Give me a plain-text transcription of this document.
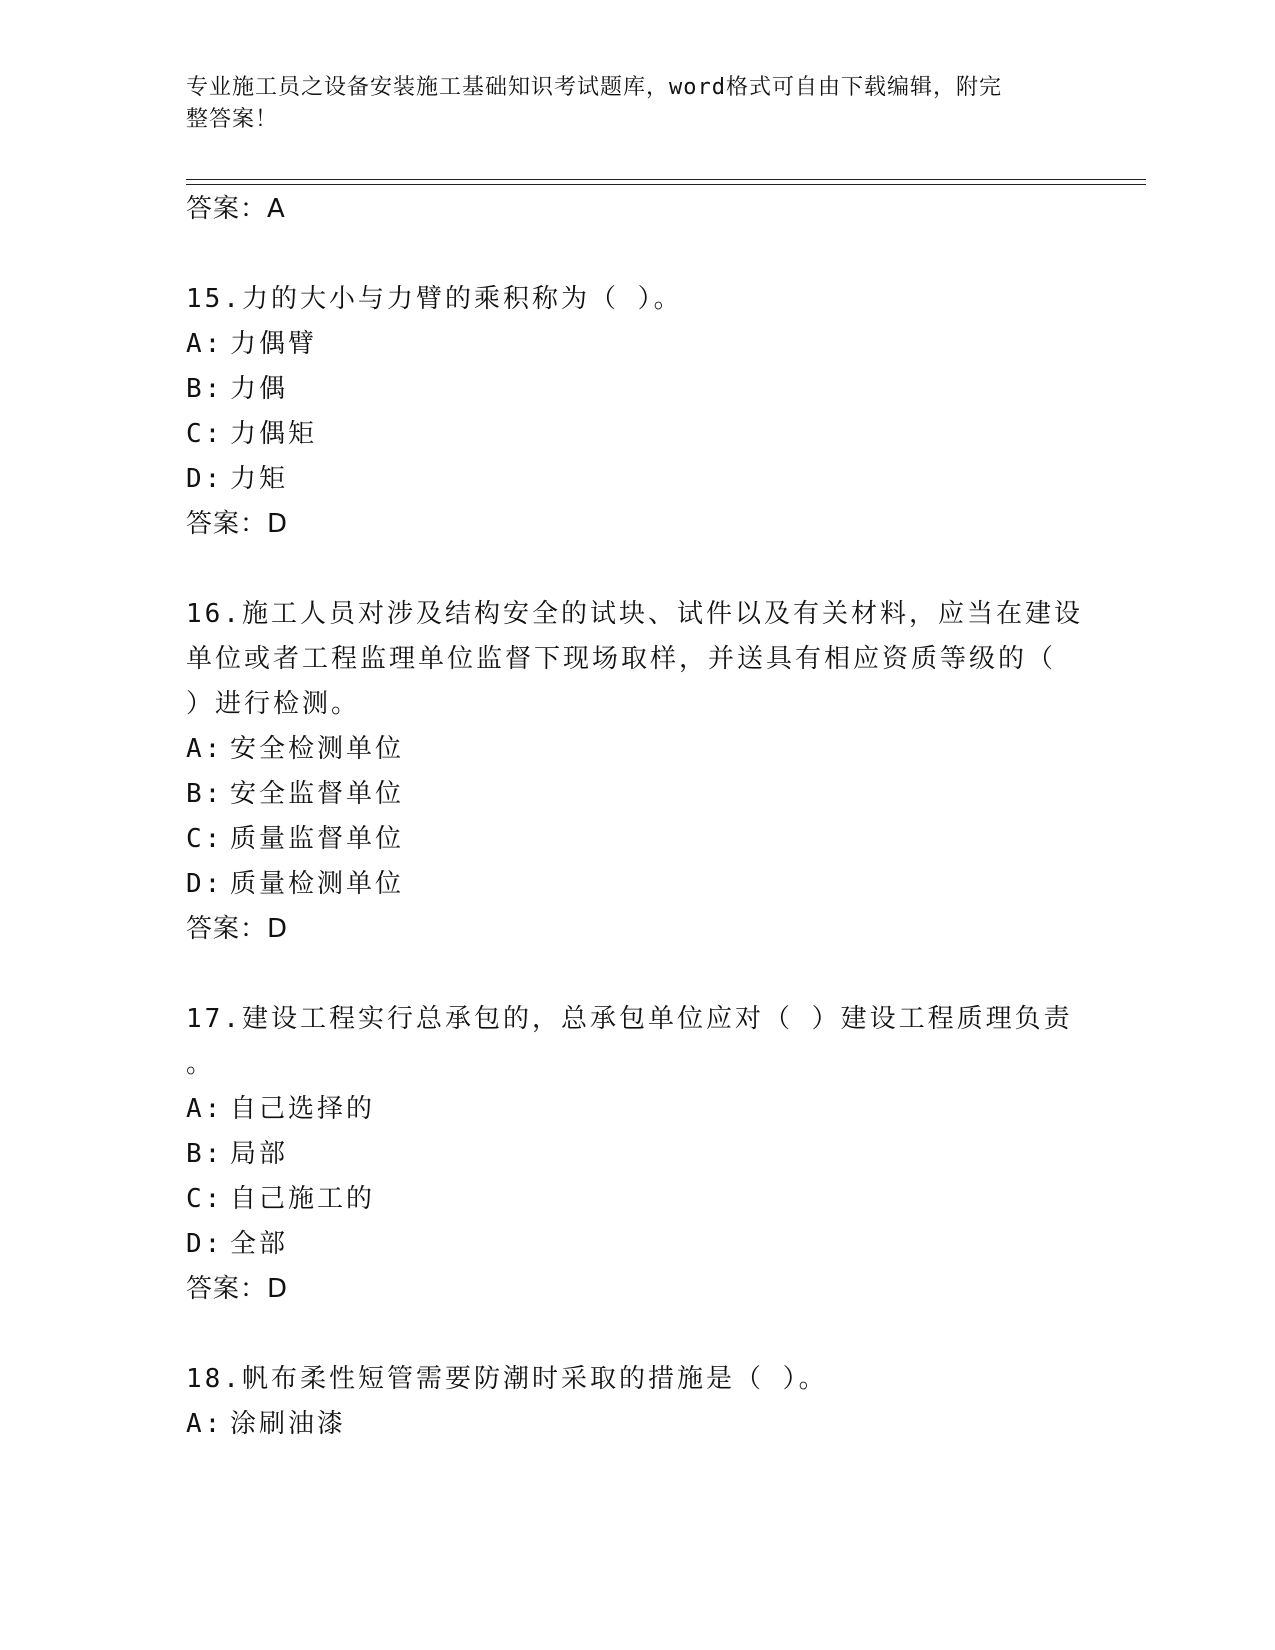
专业施工员之设备安装施工基础知识考试题库，word格式可自由下载编辑，附完
整答案！
答案：A
15.力的大小与力臂的乘积称为（ ）。
A: 力偶臂
B: 力偶
C: 力偶矩
D: 力矩
答案：D
16.施工人员对涉及结构安全的试块、试件以及有关材料，应当在建设
单位或者工程监理单位监督下现场取样，并送具有相应资质等级的（
）进行检测。
A: 安全检测单位
B: 安全监督单位
C: 质量监督单位
D: 质量检测单位
答案：D
17.建设工程实行总承包的，总承包单位应对（ ）建设工程质理负责
。
A: 自己选择的
B: 局部
C: 自己施工的
D: 全部
答案：D
18.帆布柔性短管需要防潮时采取的措施是（ ）。
A: 涂刷油漆
